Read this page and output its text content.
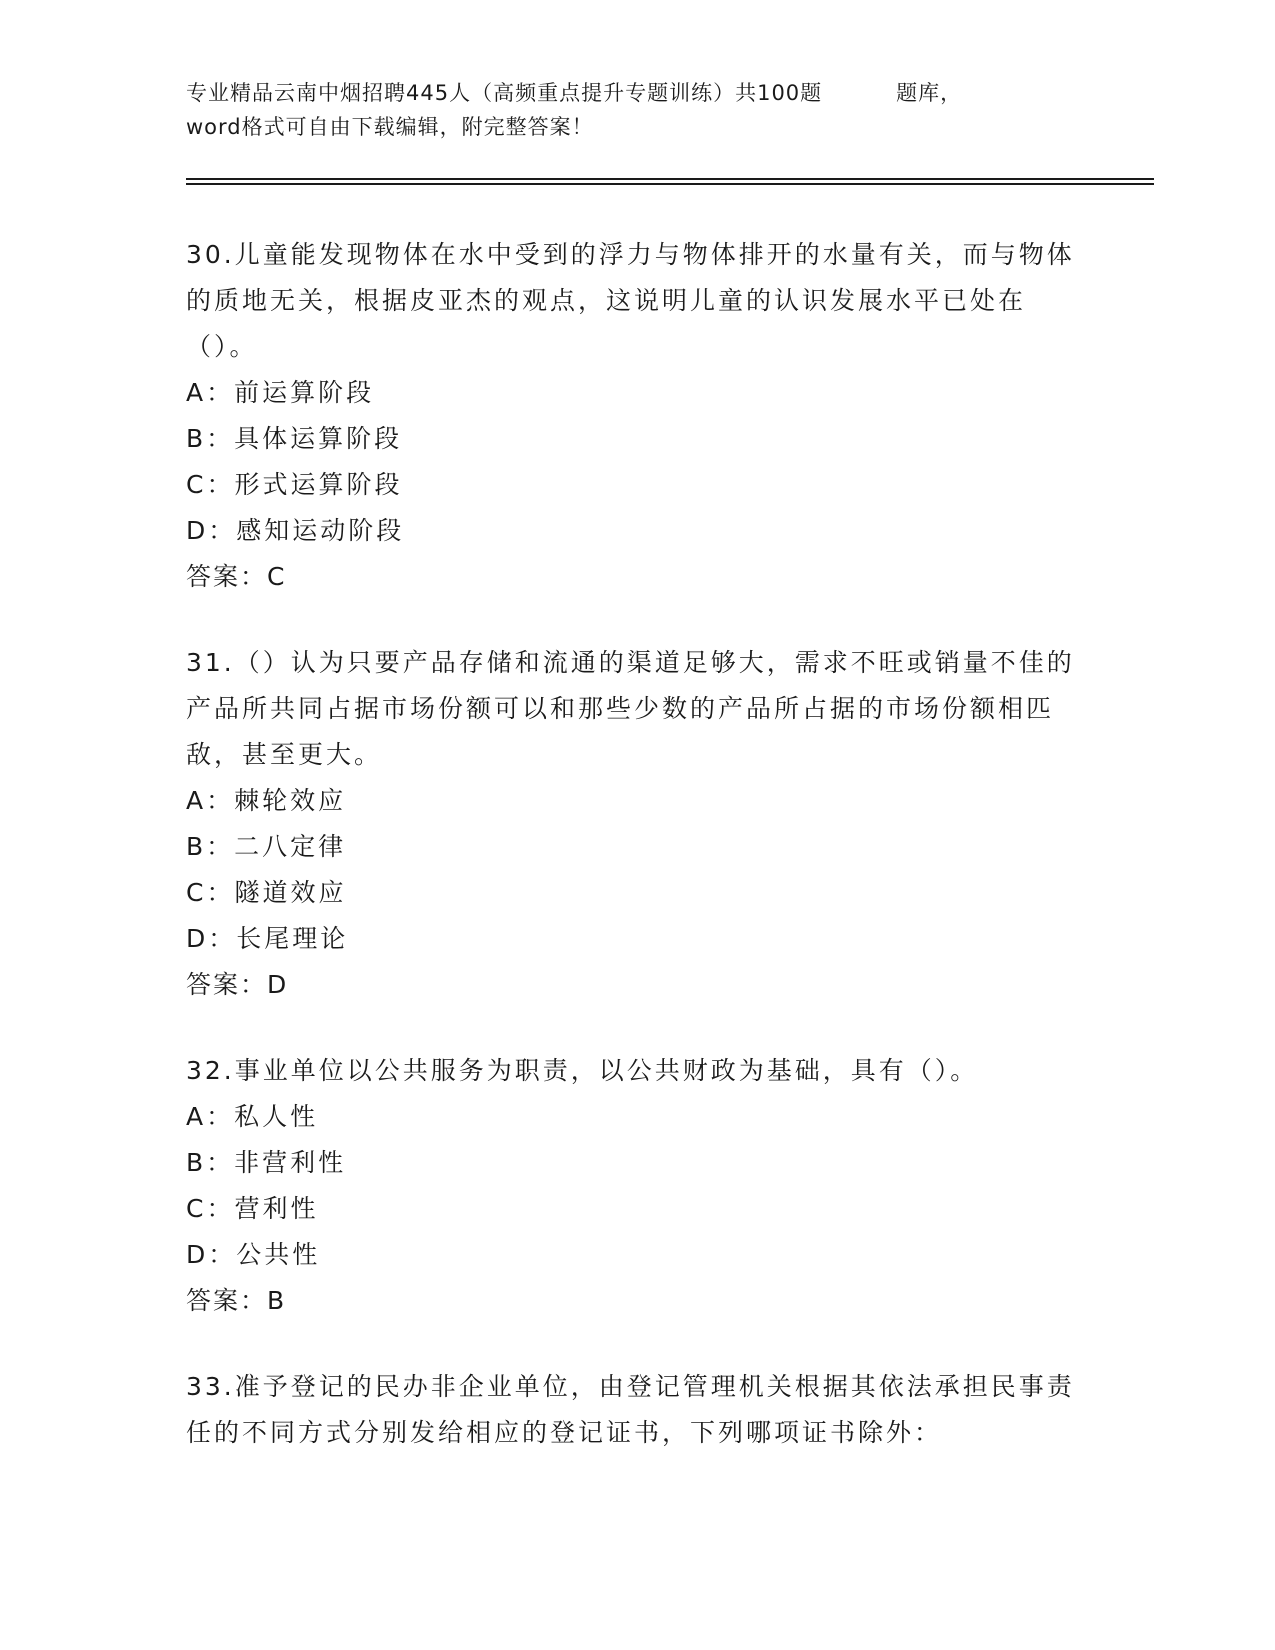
专业精品云南中烟招聘445人（高频重点提升专题训练）共100题	题库，
word格式可自由下载编辑，附完整答案！
30.儿童能发现物体在水中受到的浮力与物体排开的水量有关，而与物体的质地无关，根据皮亚杰的观点，这说明儿童的认识发展水平已处在（）。
A：前运算阶段
B：具体运算阶段
C：形式运算阶段
D：感知运动阶段
答案：C
31.（）认为只要产品存储和流通的渠道足够大，需求不旺或销量不佳的产品所共同占据市场份额可以和那些少数的产品所占据的市场份额相匹敌，甚至更大。
A：棘轮效应
B：二八定律
C：隧道效应
D：长尾理论
答案：D
32.事业单位以公共服务为职责，以公共财政为基础，具有（）。
A：私人性
B：非营利性
C：营利性
D：公共性
答案：B
33.准予登记的民办非企业单位，由登记管理机关根据其依法承担民事责任的不同方式分别发给相应的登记证书，下列哪项证书除外：
